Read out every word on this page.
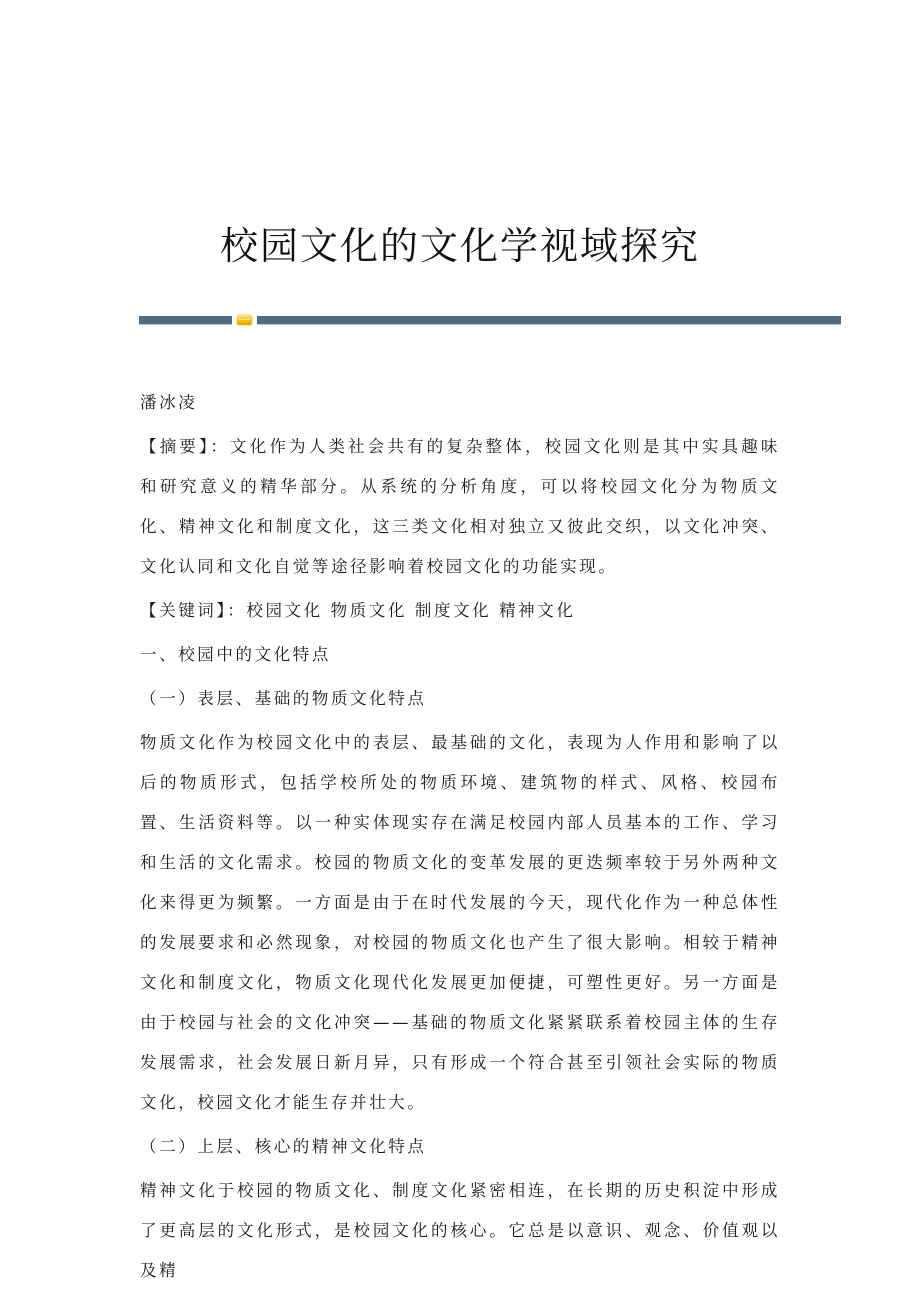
校园文化的文化学视域探究

潘冰凌

【摘要】：文化作为人类社会共有的复杂整体，校园文化则是其中实具趣味和研究意义的精华部分。从系统的分析角度，可以将校园文化分为物质文化、精神文化和制度文化，这三类文化相对独立又彼此交织，以文化冲突、文化认同和文化自觉等途径影响着校园文化的功能实现。

【关键词】：校园文化 物质文化 制度文化 精神文化

一、校园中的文化特点

（一）表层、基础的物质文化特点

物质文化作为校园文化中的表层、最基础的文化，表现为人作用和影响了以后的物质形式，包括学校所处的物质环境、建筑物的样式、风格、校园布置、生活资料等。以一种实体现实存在满足校园内部人员基本的工作、学习和生活的文化需求。校园的物质文化的变革发展的更迭频率较于另外两种文化来得更为频繁。一方面是由于在时代发展的今天，现代化作为一种总体性的发展要求和必然现象，对校园的物质文化也产生了很大影响。相较于精神文化和制度文化，物质文化现代化发展更加便捷，可塑性更好。另一方面是由于校园与社会的文化冲突——基础的物质文化紧紧联系着校园主体的生存发展需求，社会发展日新月异，只有形成一个符合甚至引领社会实际的物质文化，校园文化才能生存并壮大。

（二）上层、核心的精神文化特点

精神文化于校园的物质文化、制度文化紧密相连，在长期的历史积淀中形成了更高层的文化形式，是校园文化的核心。它总是以意识、观念、价值观以及精
